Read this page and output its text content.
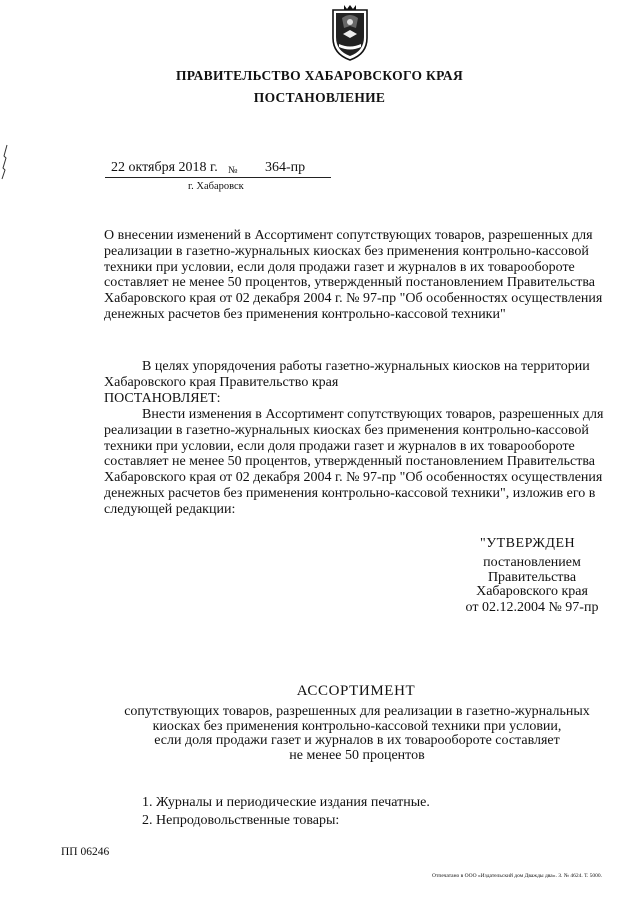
ПРАВИТЕЛЬСТВО ХАБАРОВСКОГО КРАЯ
ПОСТАНОВЛЕНИЕ
22 октября 2018 г. № 364-пр
г. Хабаровск
О внесении изменений в Ассортимент сопутствующих товаров, разрешенных для реализации в газетно-журнальных киосках без применения контрольно-кассовой техники при условии, если доля продажи газет и журналов в их товарообороте составляет не менее 50 процентов, утвержденный постановлением Правительства Хабаровского края от 02 декабря 2004 г. № 97-пр "Об особенностях осуществления денежных расчетов без применения контрольно-кассовой техники"
В целях упорядочения работы газетно-журнальных киосков на территории Хабаровского края Правительство края
ПОСТАНОВЛЯЕТ:
Внести изменения в Ассортимент сопутствующих товаров, разрешенных для реализации в газетно-журнальных киосках без применения контрольно-кассовой техники при условии, если доля продажи газет и журналов в их товарообороте составляет не менее 50 процентов, утвержденный постановлением Правительства Хабаровского края от 02 декабря 2004 г. № 97-пр "Об особенностях осуществления денежных расчетов без применения контрольно-кассовой техники", изложив его в следующей редакции:
"УТВЕРЖДЕН
постановлением
Правительства
Хабаровского края
от 02.12.2004 № 97-пр
АССОРТИМЕНТ
сопутствующих товаров, разрешенных для реализации в газетно-журнальных
киосках без применения контрольно-кассовой техники при условии,
если доля продажи газет и журналов в их товарообороте составляет
не менее 50 процентов
1. Журналы и периодические издания печатные.
2. Непродовольственные товары:
ПП 06246
Отпечатано в ООО «Издательский дом Дважды два». З. № 4624. Т. 5000.
